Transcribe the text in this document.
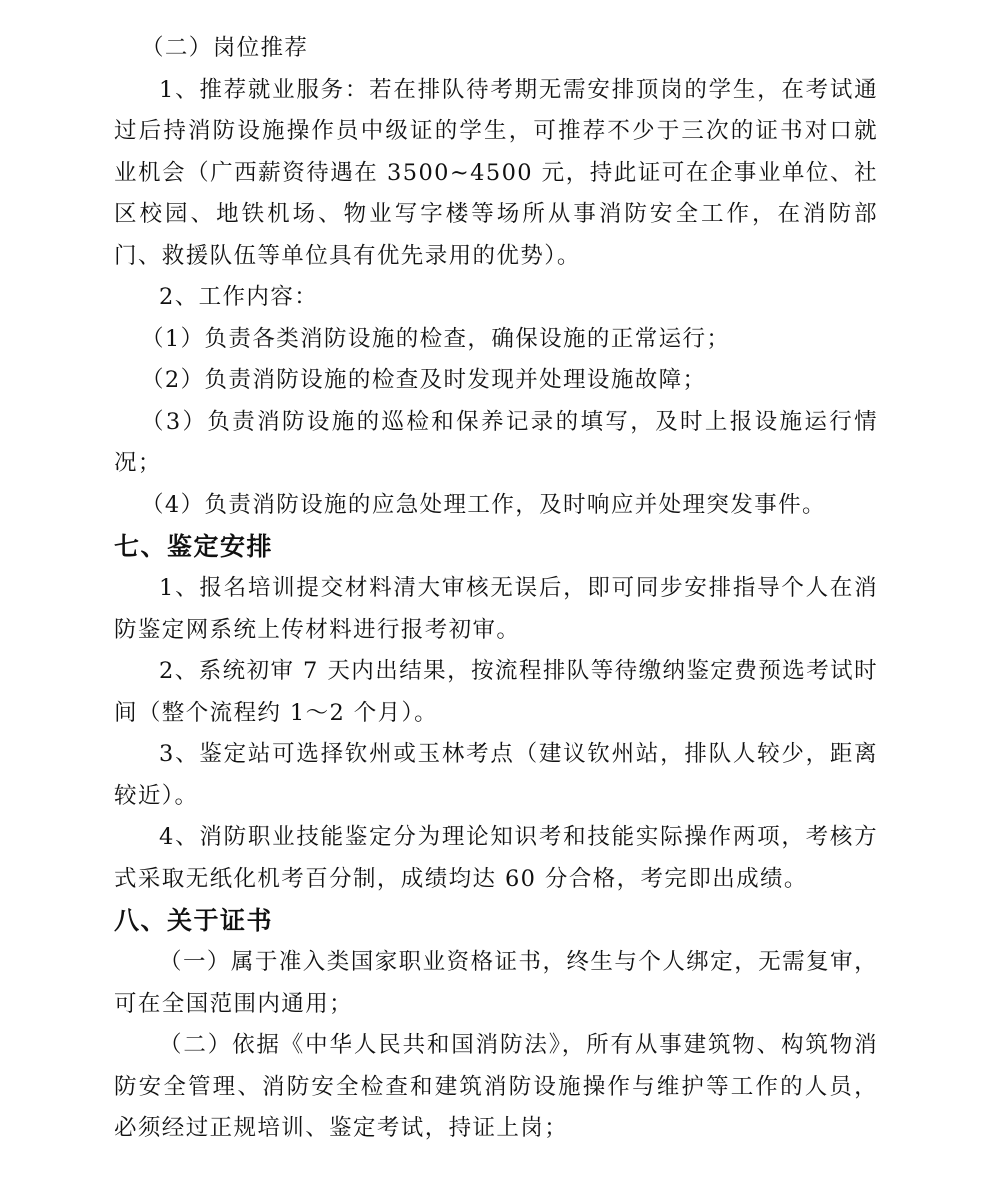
（二）岗位推荐

1、推荐就业服务：若在排队待考期无需安排顶岗的学生，在考试通过后持消防设施操作员中级证的学生，可推荐不少于三次的证书对口就业机会（广西薪资待遇在 3500~4500 元，持此证可在企事业单位、社区校园、地铁机场、物业写字楼等场所从事消防安全工作，在消防部门、救援队伍等单位具有优先录用的优势）。

2、工作内容：

（1）负责各类消防设施的检查，确保设施的正常运行；

（2）负责消防设施的检查及时发现并处理设施故障；

（3）负责消防设施的巡检和保养记录的填写，及时上报设施运行情况；

（4）负责消防设施的应急处理工作，及时响应并处理突发事件。

七、鉴定安排

1、报名培训提交材料清大审核无误后，即可同步安排指导个人在消防鉴定网系统上传材料进行报考初审。

2、系统初审 7 天内出结果，按流程排队等待缴纳鉴定费预选考试时间（整个流程约 1～2 个月）。

3、鉴定站可选择钦州或玉林考点（建议钦州站，排队人较少，距离较近）。

4、消防职业技能鉴定分为理论知识考和技能实际操作两项，考核方式采取无纸化机考百分制，成绩均达 60 分合格，考完即出成绩。

八、关于证书

（一）属于准入类国家职业资格证书，终生与个人绑定，无需复审，可在全国范围内通用；

（二）依据《中华人民共和国消防法》，所有从事建筑物、构筑物消防安全管理、消防安全检查和建筑消防设施操作与维护等工作的人员，必须经过正规培训、鉴定考试，持证上岗；
